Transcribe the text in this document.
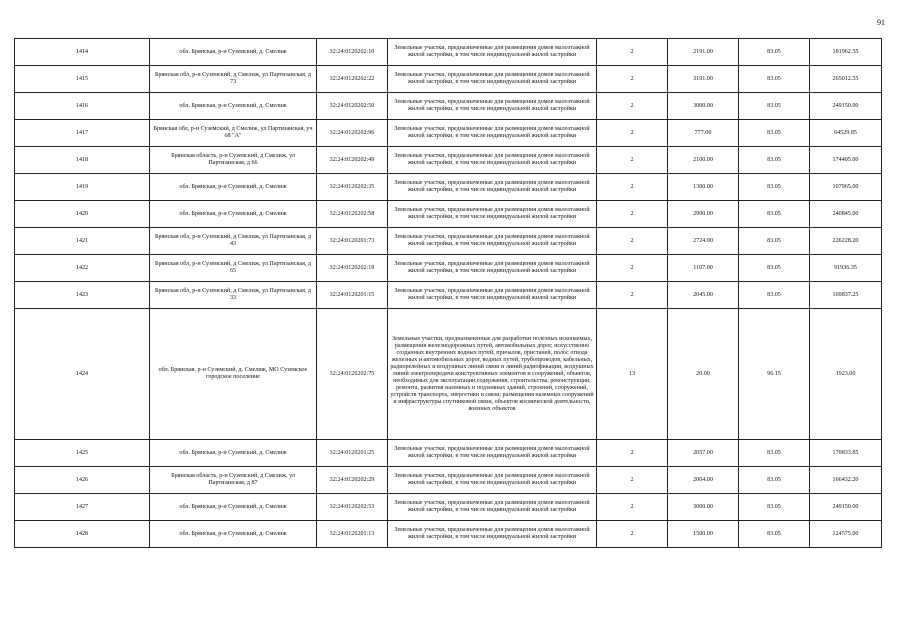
91
1414	обл. Брянская, р-н Суземский, д. Смелиж	32:24:0120202:10	Земельные участки, предназначенные для размещения домов малоэтажной жилой застройки, в том числе индивидуальной жилой застройки	2	2191.00	83.05	181962.55
1415	Брянская обл, р-н Суземский, д Смелиж, ул Партизанская, д 73	32:24:0120202:22	Земельные участки, предназначенные для размещения домов малоэтажной жилой застройки, в том числе индивидуальной жилой застройки	2	3191.00	83.05	265012.55
1416	обл. Брянская, р-н Суземский, д. Смелиж	32:24:0120202:50	Земельные участки, предназначенные для размещения домов малоэтажной жилой застройки, в том числе индивидуальной жилой застройки	2	3000.00	83.05	249150.00
1417	Брянская обл, р-н Суземский, д Смелиж, ул Партизанская, уч 68 "А"	32:24:0120202:96	Земельные участки, предназначенные для размещения домов малоэтажной жилой застройки, в том числе индивидуальной жилой застройки	2	777.00	83.05	64529.85
1418	Брянская область, р-н Суземский, д Смелиж, ул Партизанская, д 66	32:24:0120202:49	Земельные участки, предназначенные для размещения домов малоэтажной жилой застройки, в том числе индивидуальной жилой застройки	2	2100.00	83.05	174405.00
1419	обл. Брянская, р-н Суземский, д. Смелиж	32:24:0120202:35	Земельные участки, предназначенные для размещения домов малоэтажной жилой застройки, в том числе индивидуальной жилой застройки	2	1300.00	83.05	107965.00
1420	обл. Брянская, р-н Суземский, д. Смелиж	32:24:0120202:58	Земельные участки, предназначенные для размещения домов малоэтажной жилой застройки, в том числе индивидуальной жилой застройки	2	2900.00	83.05	240845.00
1421	Брянская обл, р-н Суземский, д Смелиж, ул Партизанская, д 43	32:24:0120201:73	Земельные участки, предназначенные для размещения домов малоэтажной жилой застройки, в том числе индивидуальной жилой застройки	2	2724.00	83.05	226228.20
1422	Брянская обл, р-н Суземский, д Смелиж, ул Партизанская, д 65	32:24:0120202:18	Земельные участки, предназначенные для размещения домов малоэтажной жилой застройки, в том числе индивидуальной жилой застройки	2	1107.00	83.05	91936.35
1423	Брянская обл, р-н Суземский, д Смелиж, ул Партизанская, д 33	32:24:0120201:15	Земельные участки, предназначенные для размещения домов малоэтажной жилой застройки, в том числе индивидуальной жилой застройки	2	2045.00	83.05	169837.25
1424	обл. Брянская, р-н Суземский, д. Смелиж, МО Суземское городское поселение	32:24:0120202:75	Земельные участки, предназначенные для разработки полезных ископаемых, размещения железнодорожных путей, автомобильных дорог, искусственно созданных внутренних водных путей, причалов, пристаней, полос отвода железных и автомобильных дорог, водных путей, трубопроводов, кабельных, радиорелейных и воздушных линий связи и линий радиофикации, воздушных линий электропередачи конструктивных элементов и сооружений, объектов, необходимых для эксплуатации,содержания, строительства, реконструкции, ремонта, развития наземных и подземных зданий, строений, сооружений, устройств транспорта, энергетики и связи; размещения наземных сооружений и инфраструктуры спутниковой связи, объектов космической деятельности, военных объектов	13	20.00	96.15	1923.00
1425	обл. Брянская, р-н Суземский, д. Смелиж	32:24:0120201:25	Земельные участки, предназначенные для размещения домов малоэтажной жилой застройки, в том числе индивидуальной жилой застройки	2	2057.00	83.05	170833.85
1426	Брянская область, р-н Суземский, д Смелиж, ул Партизанская, д 87	32:24:0120202:29	Земельные участки, предназначенные для размещения домов малоэтажной жилой застройки, в том числе индивидуальной жилой застройки	2	2004.00	83.05	166432.20
1427	обл. Брянская, р-н Суземский, д. Смелиж	32:24:0120202:53	Земельные участки, предназначенные для размещения домов малоэтажной жилой застройки, в том числе индивидуальной жилой застройки	2	3000.00	83.05	249150.00
1428	обл. Брянская, р-н Суземский, д. Смелиж	32:24:0120201:13	Земельные участки, предназначенные для размещения домов малоэтажной жилой застройки, в том числе индивидуальной жилой застройки	2	1500.00	83.05	124575.00
